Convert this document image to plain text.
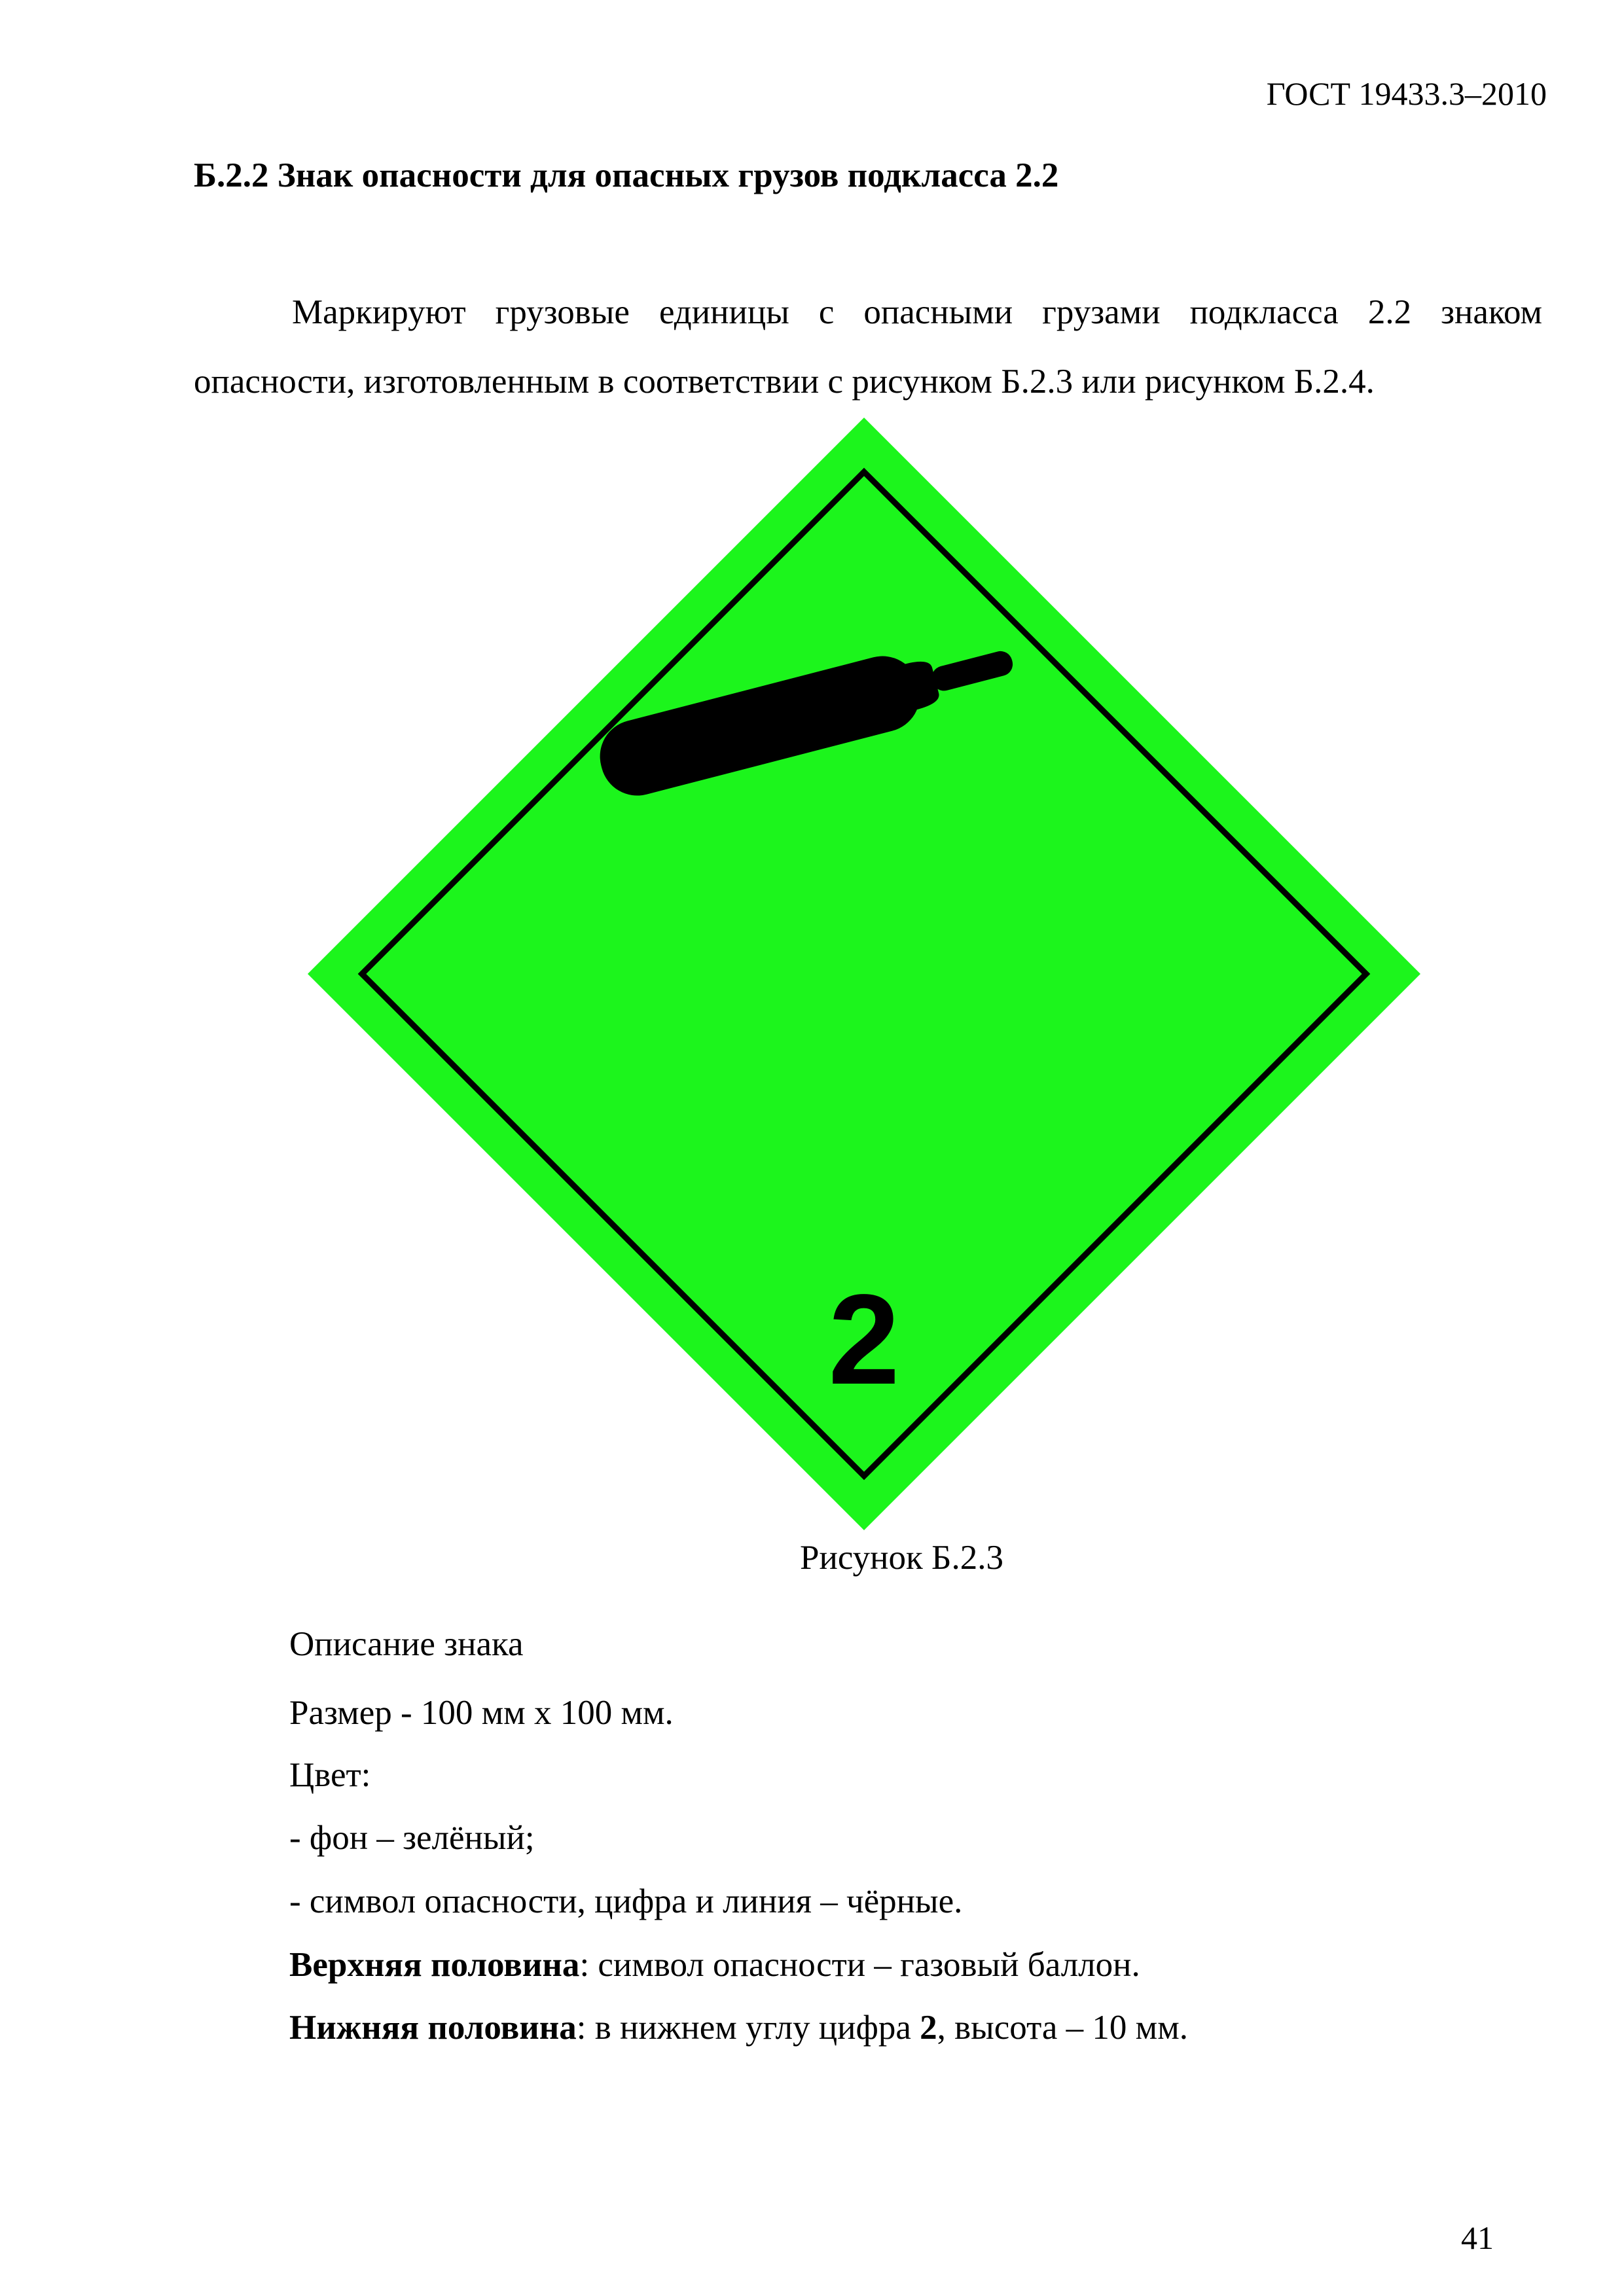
ГОСТ 19433.3–2010
Б.2.2 Знак опасности для опасных грузов подкласса 2.2

Маркируют грузовые единицы с опасными грузами подкласса 2.2 знаком опасности, изготовленным в соответствии с рисунком Б.2.3 или рисунком Б.2.4.

2
Рисунок Б.2.3
Описание знака
Размер - 100 мм х 100 мм.
Цвет:
- фон – зелёный;
- символ опасности, цифра и линия – чёрные.
Верхняя половина: символ опасности – газовый баллон.
Нижняя половина: в нижнем углу цифра 2, высота – 10 мм.
41
